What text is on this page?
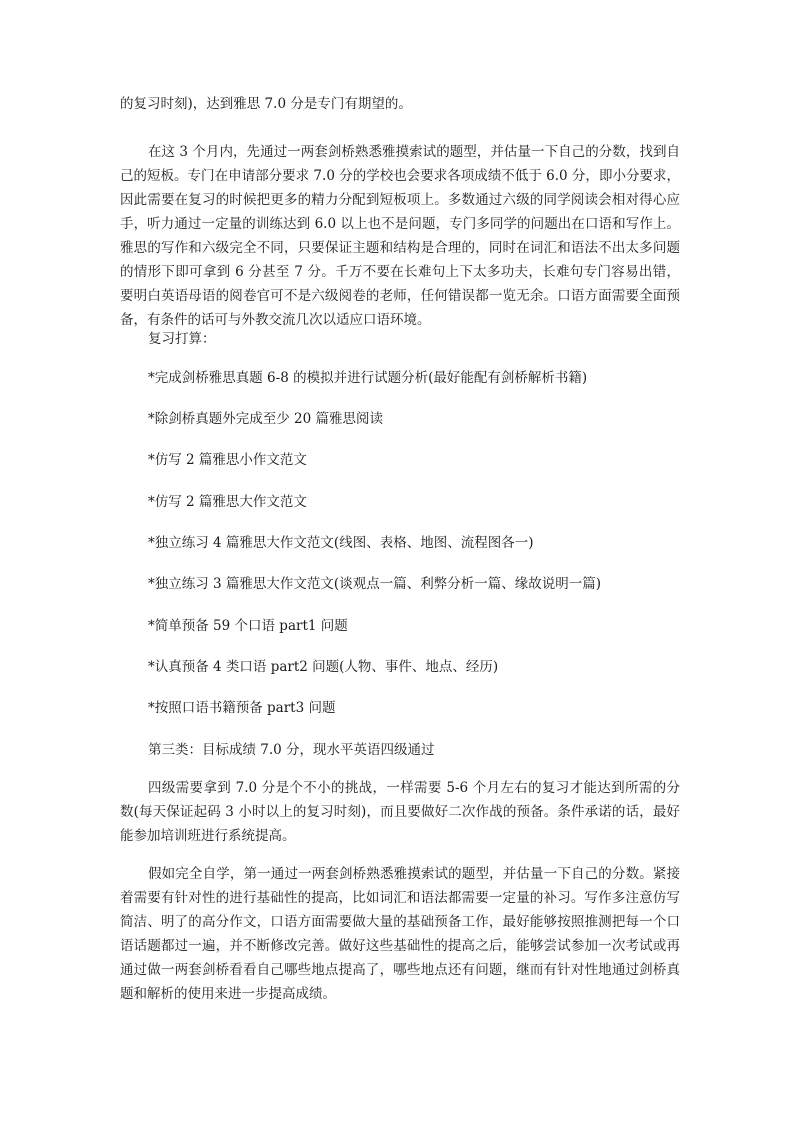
的复习时刻)，达到雅思 7.0 分是专门有期望的。

在这 3 个月内，先通过一两套剑桥熟悉雅摸索试的题型，并估量一下自己的分数，找到自己的短板。专门在申请部分要求 7.0 分的学校也会要求各项成绩不低于 6.0 分，即小分要求，因此需要在复习的时候把更多的精力分配到短板项上。多数通过六级的同学阅读会相对得心应手，听力通过一定量的训练达到 6.0 以上也不是问题，专门多同学的问题出在口语和写作上。雅思的写作和六级完全不同，只要保证主题和结构是合理的，同时在词汇和语法不出太多问题的情形下即可拿到 6 分甚至 7 分。千万不要在长难句上下太多功夫，长难句专门容易出错，要明白英语母语的阅卷官可不是六级阅卷的老师，任何错误都一览无余。口语方面需要全面预备，有条件的话可与外教交流几次以适应口语环境。

复习打算：

*完成剑桥雅思真题 6-8 的模拟并进行试题分析(最好能配有剑桥解析书籍)

*除剑桥真题外完成至少 20 篇雅思阅读

*仿写 2 篇雅思小作文范文

*仿写 2 篇雅思大作文范文

*独立练习 4 篇雅思大作文范文(线图、表格、地图、流程图各一)

*独立练习 3 篇雅思大作文范文(谈观点一篇、利弊分析一篇、缘故说明一篇)

*简单预备 59 个口语 part1 问题

*认真预备 4 类口语 part2 问题(人物、事件、地点、经历)

*按照口语书籍预备 part3 问题

第三类：目标成绩 7.0 分，现水平英语四级通过

四级需要拿到 7.0 分是个不小的挑战，一样需要 5-6 个月左右的复习才能达到所需的分数(每天保证起码 3 小时以上的复习时刻)，而且要做好二次作战的预备。条件承诺的话，最好能参加培训班进行系统提高。

假如完全自学，第一通过一两套剑桥熟悉雅摸索试的题型，并估量一下自己的分数。紧接着需要有针对性的进行基础性的提高，比如词汇和语法都需要一定量的补习。写作多注意仿写简洁、明了的高分作文，口语方面需要做大量的基础预备工作，最好能够按照推测把每一个口语话题都过一遍，并不断修改完善。做好这些基础性的提高之后，能够尝试参加一次考试或再通过做一两套剑桥看看自己哪些地点提高了，哪些地点还有问题，继而有针对性地通过剑桥真题和解析的使用来进一步提高成绩。
